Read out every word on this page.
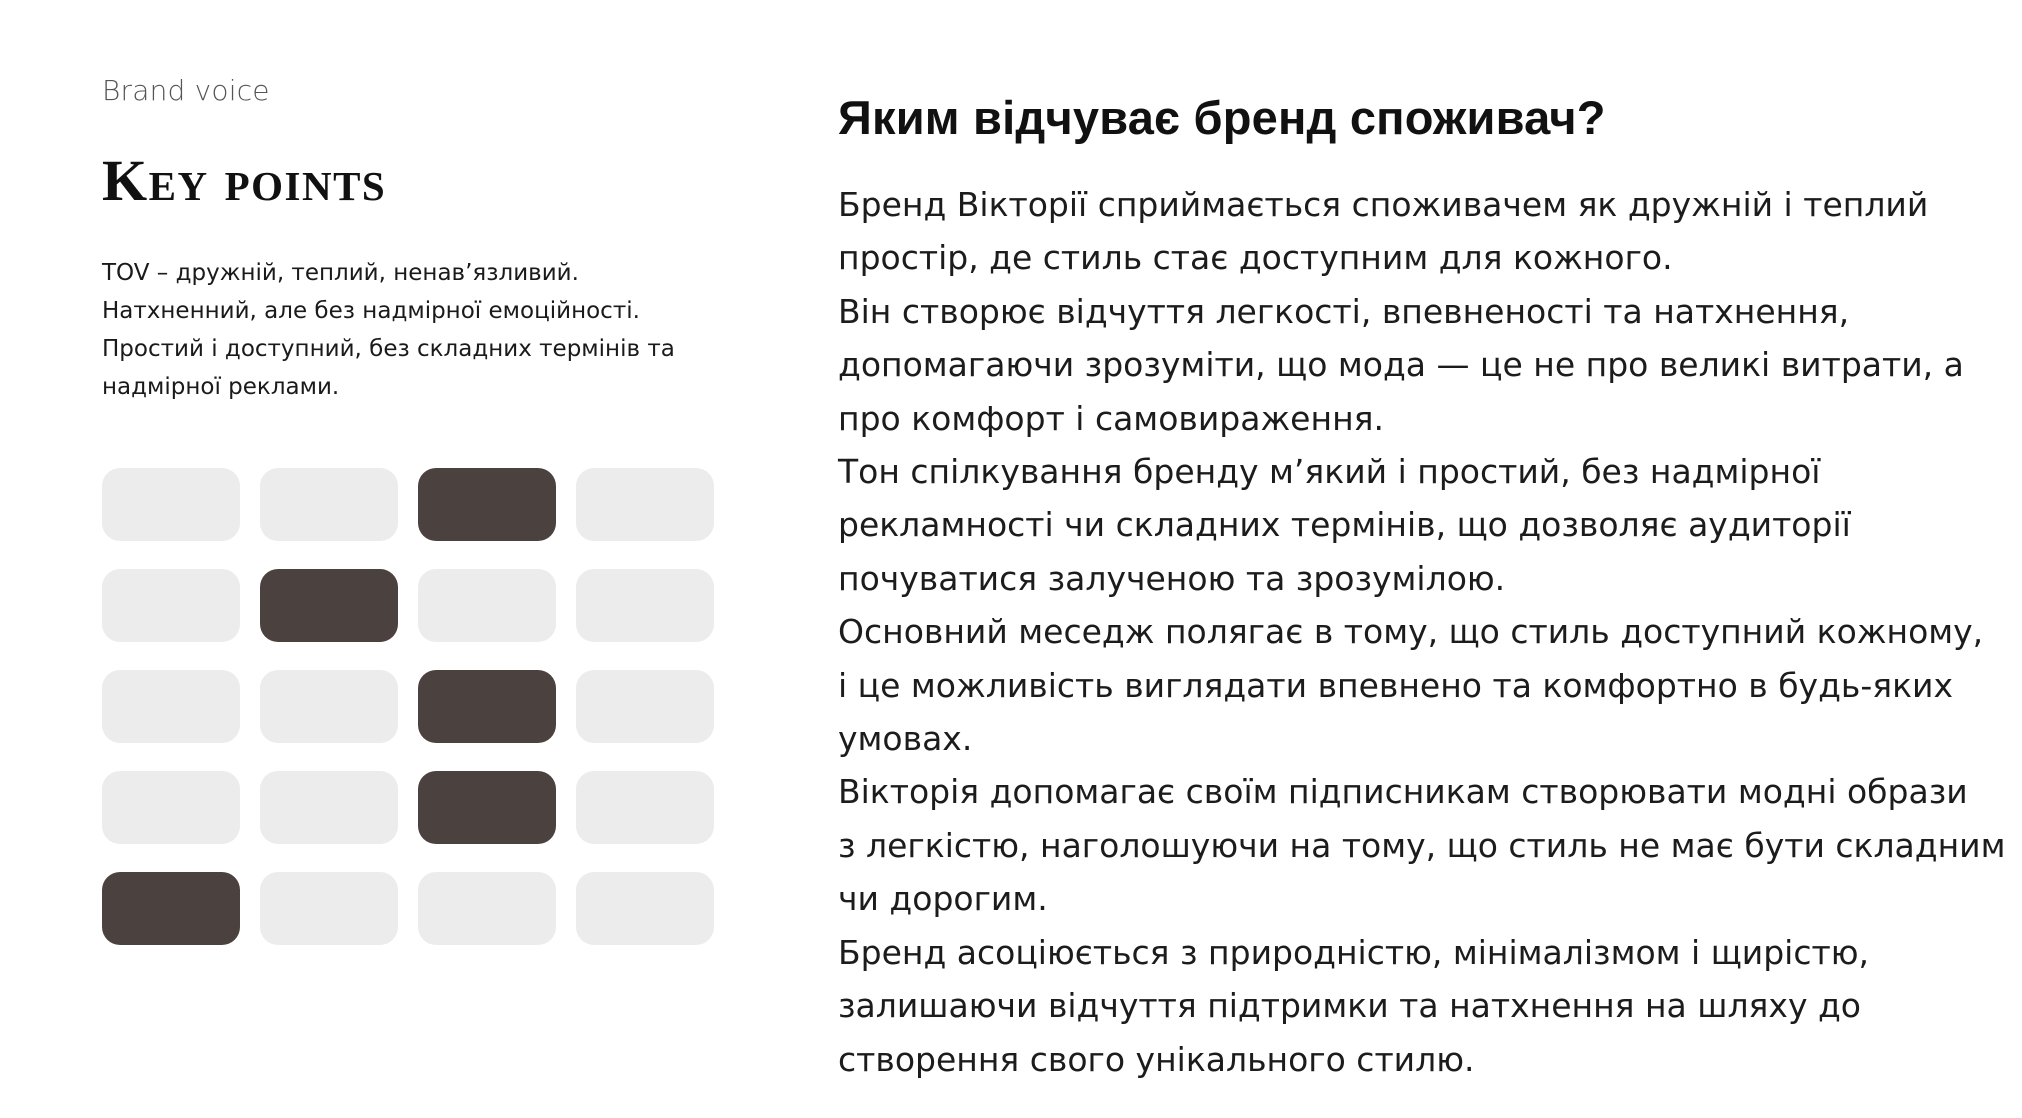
Brand voice
Key points
TOV – дружній, теплий, ненав’язливий.
Натхненний, але без надмірної емоційності.
Простий і доступний, без складних термінів та
надмірної реклами.
Яким відчуває бренд споживач?
Бренд Вікторії сприймається споживачем як дружній і теплий
простір, де стиль стає доступним для кожного.
Він створює відчуття легкості, впевненості та натхнення,
допомагаючи зрозуміти, що мода — це не про великі витрати, а
про комфорт і самовираження.
Тон спілкування бренду м’який і простий, без надмірної
рекламності чи складних термінів, що дозволяє аудиторії
почуватися залученою та зрозумілою.
Основний меседж полягає в тому, що стиль доступний кожному,
і це можливість виглядати впевнено та комфортно в будь-яких
умовах.
Вікторія допомагає своїм підписникам створювати модні образи
з легкістю, наголошуючи на тому, що стиль не має бути складним
чи дорогим.
Бренд асоціюється з природністю, мінімалізмом і щирістю,
залишаючи відчуття підтримки та натхнення на шляху до
створення свого унікального стилю.
